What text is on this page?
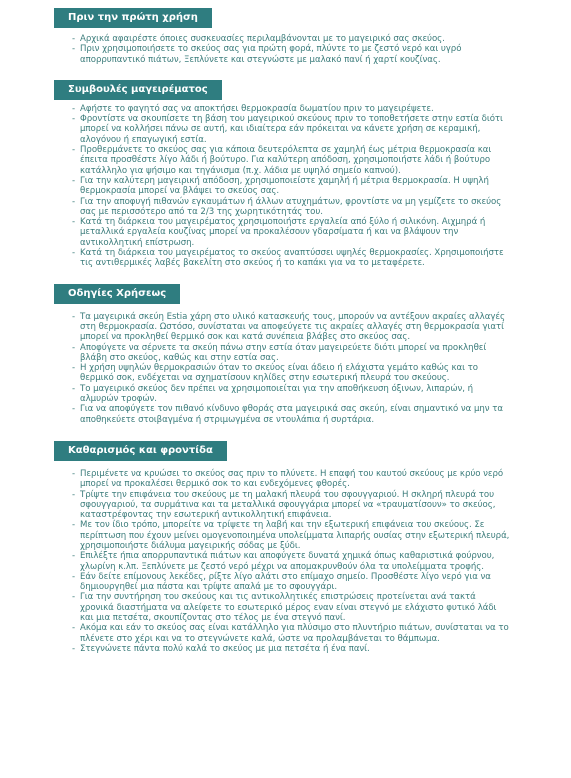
Πριν την πρώτη χρήση
- Αρχικά αφαιρέστε όποιες συσκευασίες περιλαμβάνονται με το μαγειρικό σας σκεύος.
- Πριν χρησιμοποιήσετε το σκεύος σας για πρώτη φορά, πλύντε το με ζεστό νερό και υγρό απορρυπαντικό πιάτων, Ξεπλύνετε και στεγνώστε με μαλακό πανί ή χαρτί κουζίνας.
Συμβουλές μαγειρέματος
- Αφήστε το φαγητό σας να αποκτήσει θερμοκρασία δωματίου πριν το μαγειρέψετε.
- Φροντίστε να σκουπίσετε τη βάση του μαγειρικού σκεύους πριν το τοποθετήσετε στην εστία διότι μπορεί να κολλήσει πάνω σε αυτή, και ιδιαίτερα εάν πρόκειται να κάνετε χρήση σε κεραμική, αλογόνου ή επαγωγική εστία.
- Προθερμάνετε το σκεύος σας για κάποια δευτερόλεπτα σε χαμηλή έως μέτρια θερμοκρασία και έπειτα προσθέστε λίγο λάδι ή βούτυρο. Για καλύτερη απόδοση, χρησιμοποιήστε λάδι ή βούτυρο κατάλληλο για ψήσιμο και τηγάνισμα (π.χ. λάδια με υψηλό σημείο καπνού).
- Για την καλύτερη μαγειρική απόδοση, χρησιμοποιείστε χαμηλή ή μέτρια θερμοκρασία. Η υψηλή θερμοκρασία μπορεί να βλάψει το σκεύος σας.
- Για την αποφυγή πιθανών εγκαυμάτων ή άλλων ατυχημάτων, φροντίστε να μη γεμίζετε το σκεύος σας με περισσότερο από τα 2/3 της χωρητικότητάς του.
- Κατά τη διάρκεια του μαγειρέματος χρησιμοποιήστε εργαλεία από ξύλο ή σιλικόνη. Αιχμηρά ή μεταλλικά εργαλεία κουζίνας μπορεί να προκαλέσουν γδαρσίματα ή και να βλάψουν την αντικολλητική επίστρωση.
- Κατά τη διάρκεια του μαγειρέματος το σκεύος αναπτύσσει υψηλές θερμοκρασίες. Χρησιμοποιήστε τις αντιθερμικές λαβές βακελίτη στο σκεύος ή το καπάκι για να το μεταφέρετε.
Οδηγίες Χρήσεως
- Τα μαγειρικά σκεύη Estia χάρη στο υλικό κατασκευής τους, μπορούν να αντέξουν ακραίες αλλαγές στη θερμοκρασία. Ωστόσο, συνίσταται να αποφεύγετε τις ακραίες αλλαγές στη θερμοκρασία γιατί μπορεί να προκληθεί θερμικό σοκ και κατά συνέπεια βλάβες στο σκεύος σας.
- Αποφύγετε να σέρνετε τα σκεύη πάνω στην εστία όταν μαγειρεύετε διότι μπορεί να προκληθεί βλάβη στο σκεύος, καθώς και στην εστία σας.
- Η χρήση υψηλών θερμοκρασιών όταν το σκεύος είναι άδειο ή ελάχιστα γεμάτο καθώς και το θερμικό σοκ, ενδέχεται να σχηματίσουν κηλίδες στην εσωτερική πλευρά του σκεύους.
- Το μαγειρικό σκεύος δεν πρέπει να χρησιμοποιείται για την αποθήκευση όξινων, λιπαρών, ή αλμυρών τροφών.
- Για να αποφύγετε τον πιθανό κίνδυνο φθοράς στα μαγειρικά σας σκεύη, είναι σημαντικό να μην τα αποθηκεύετε στοιβαγμένα ή στριμωγμένα σε ντουλάπια ή συρτάρια.
Καθαρισμός και φροντίδα
- Περιμένετε να κρυώσει το σκεύος σας πριν το πλύνετε. Η επαφή του καυτού σκεύους με κρύο νερό μπορεί να προκαλέσει θερμικό σοκ το και ενδεχόμενες φθορές.
- Τρίψτε την επιφάνεια του σκεύους με τη μαλακή πλευρά του σφουγγαριού. Η σκληρή πλευρά του σφουγγαριού, τα συρμάτινα και τα μεταλλικά σφουγγάρια μπορεί να «τραυματίσουν» το σκεύος, καταστρέφοντας την εσωτερική αντικολλητική επιφάνεια.
- Με τον ίδιο τρόπο, μπορείτε να τρίψετε τη λαβή και την εξωτερική επιφάνεια του σκεύους. Σε περίπτωση που έχουν μείνει ομογενοποιημένα υπολείμματα λιπαρής ουσίας στην εξωτερική πλευρά, χρησιμοποιήστε διάλυμα μαγειρικής σόδας με ξύδι.
- Επιλέξτε ήπια απορρυπαντικά πιάτων και αποφύγετε δυνατά χημικά όπως καθαριστικά φούρνου, χλωρίνη κ.λπ. Ξεπλύνετε με ζεστό νερό μέχρι να απομακρυνθούν όλα τα υπολείμματα τροφής.
- Εάν δείτε επίμονους λεκέδες, ρίξτε λίγο αλάτι στο επίμαχο σημείο. Προσθέστε λίγο νερό για να δημιουργηθεί μια πάστα και τρίψτε απαλά με το σφουγγάρι.
- Για την συντήρηση του σκεύους και τις αντικολλητικές επιστρώσεις προτείνεται ανά τακτά χρονικά διαστήματα να αλείφετε το εσωτερικό μέρος εναν είναι στεγνό με ελάχιστο φυτικό λάδι και μια πετσέτα, σκουπίζοντας στο τέλος με ένα στεγνό πανί.
- Ακόμα και εάν το σκεύος σας είναι κατάλληλο για πλύσιμο στο πλυντήριο πιάτων, συνίσταται να το πλένετε στο χέρι και να το στεγνώνετε καλά, ώστε να προλαμβάνεται το θάμπωμα.
- Στεγνώνετε πάντα πολύ καλά το σκεύος με μια πετσέτα ή ένα πανί.
